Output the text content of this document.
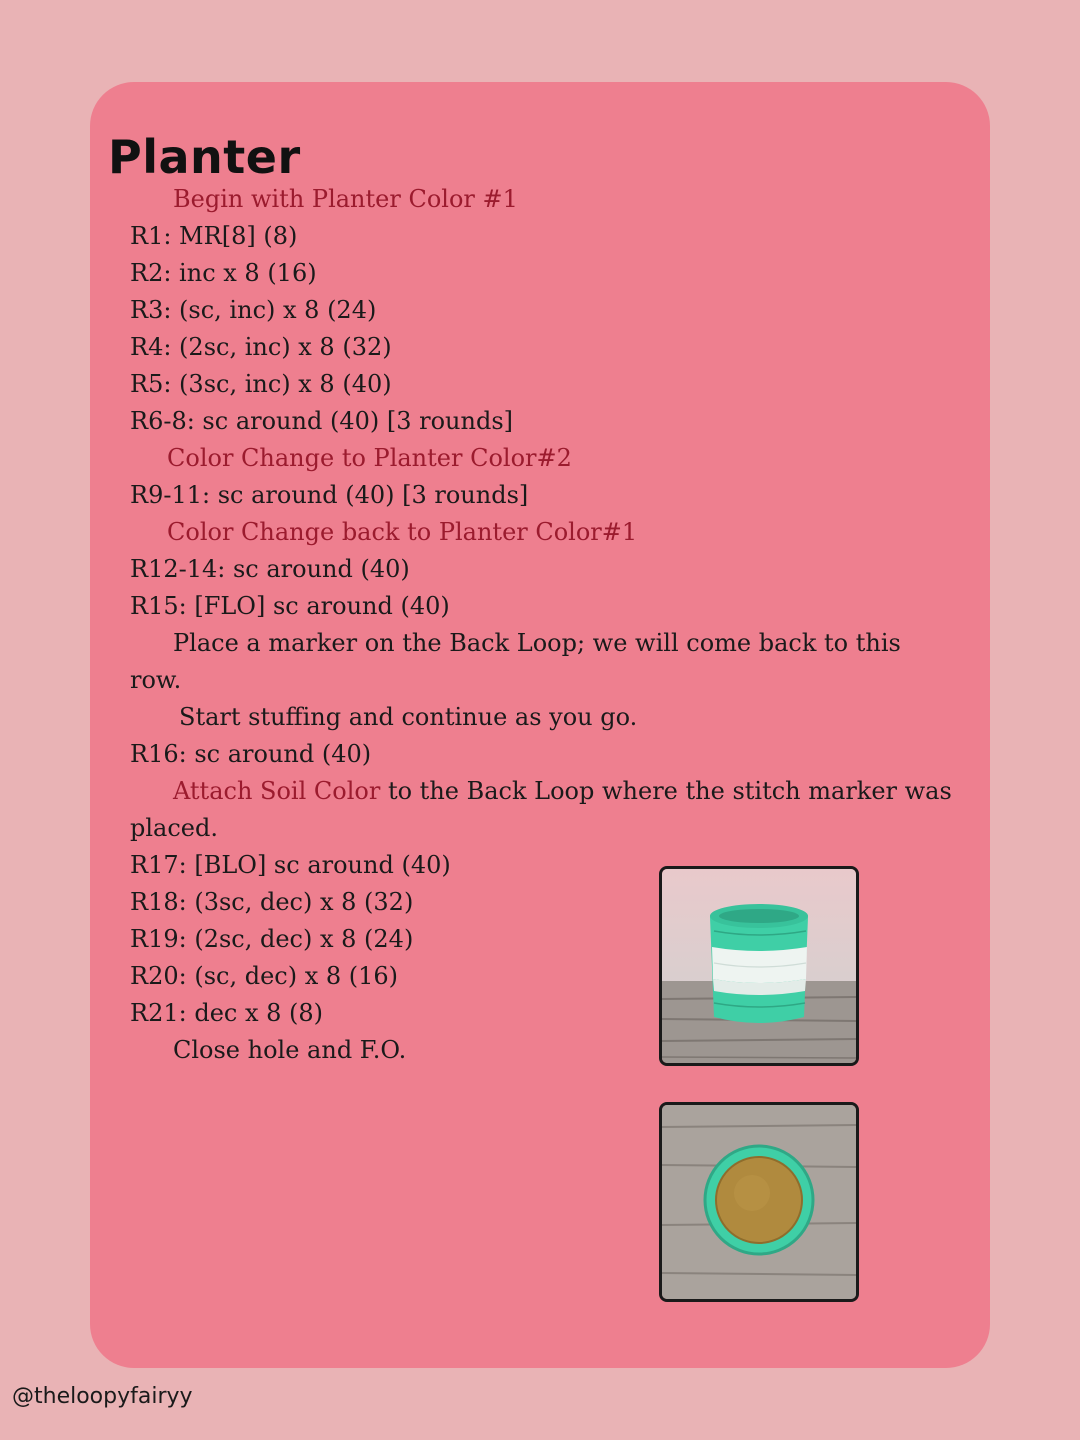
Planter
Begin with Planter Color #1
R1: MR[8] (8)
R2: inc x 8 (16)
R3: (sc, inc) x 8 (24)
R4: (2sc, inc) x 8 (32)
R5: (3sc, inc) x 8 (40)
R6-8: sc around (40) [3 rounds]
Color Change to Planter Color#2
R9-11: sc around (40) [3 rounds]
Color Change back to Planter Color#1
R12-14: sc around (40)
R15: [FLO] sc around (40)
Place a marker on the Back Loop; we will come back to this
row.
Start stuffing and continue as you go.
R16: sc around (40)
Attach Soil Color to the Back Loop where the stitch marker was
placed.
R17: [BLO] sc around (40)
R18: (3sc, dec) x 8 (32)
R19: (2sc, dec) x 8 (24)
R20: (sc, dec) x 8 (16)
R21: dec x 8 (8)
Close hole and F.O.
@theloopyfairyy
